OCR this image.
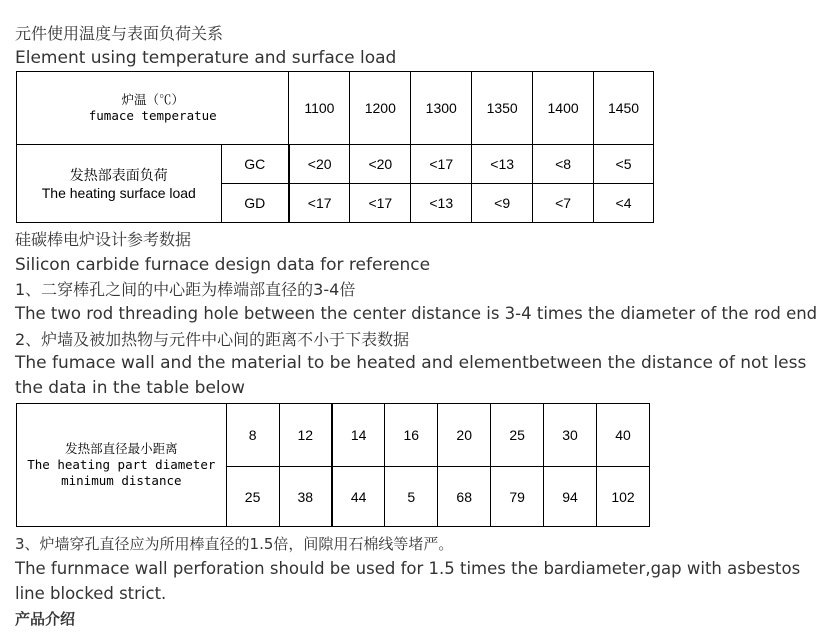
元件使用温度与表面负荷关系

Element using temperature and surface load

炉温（℃）
fumace temperatue		1100	1200	1300	1350	1400	1450

发热部表面负荷
The heating surface load	GC	<20	<20	<17	<13	<8	<5
	GD	<17	<17	<13	<9	<7	<4

硅碳棒电炉设计参考数据

Silicon carbide furnace design data for reference

1、二穿棒孔之间的中心距为棒端部直径的3-4倍

The two rod threading hole between the center distance is 3-4 times the diameter of the rod end

2、炉墙及被加热物与元件中心间的距离不小于下表数据

The fumace wall and the material to be heated and elementbetween the distance of not less the data in the table below

发热部直径最小距离
The heating part diameter
minimum distance	8	12	14	16	20	25	30	40
	25	38	44	5	68	79	94	102

3、炉墙穿孔直径应为所用棒直径的1.5倍，间隙用石棉线等堵严。

The furnmace wall perforation should be used for 1.5 times the bardiameter,gap with asbestos line blocked strict.

产品介绍
